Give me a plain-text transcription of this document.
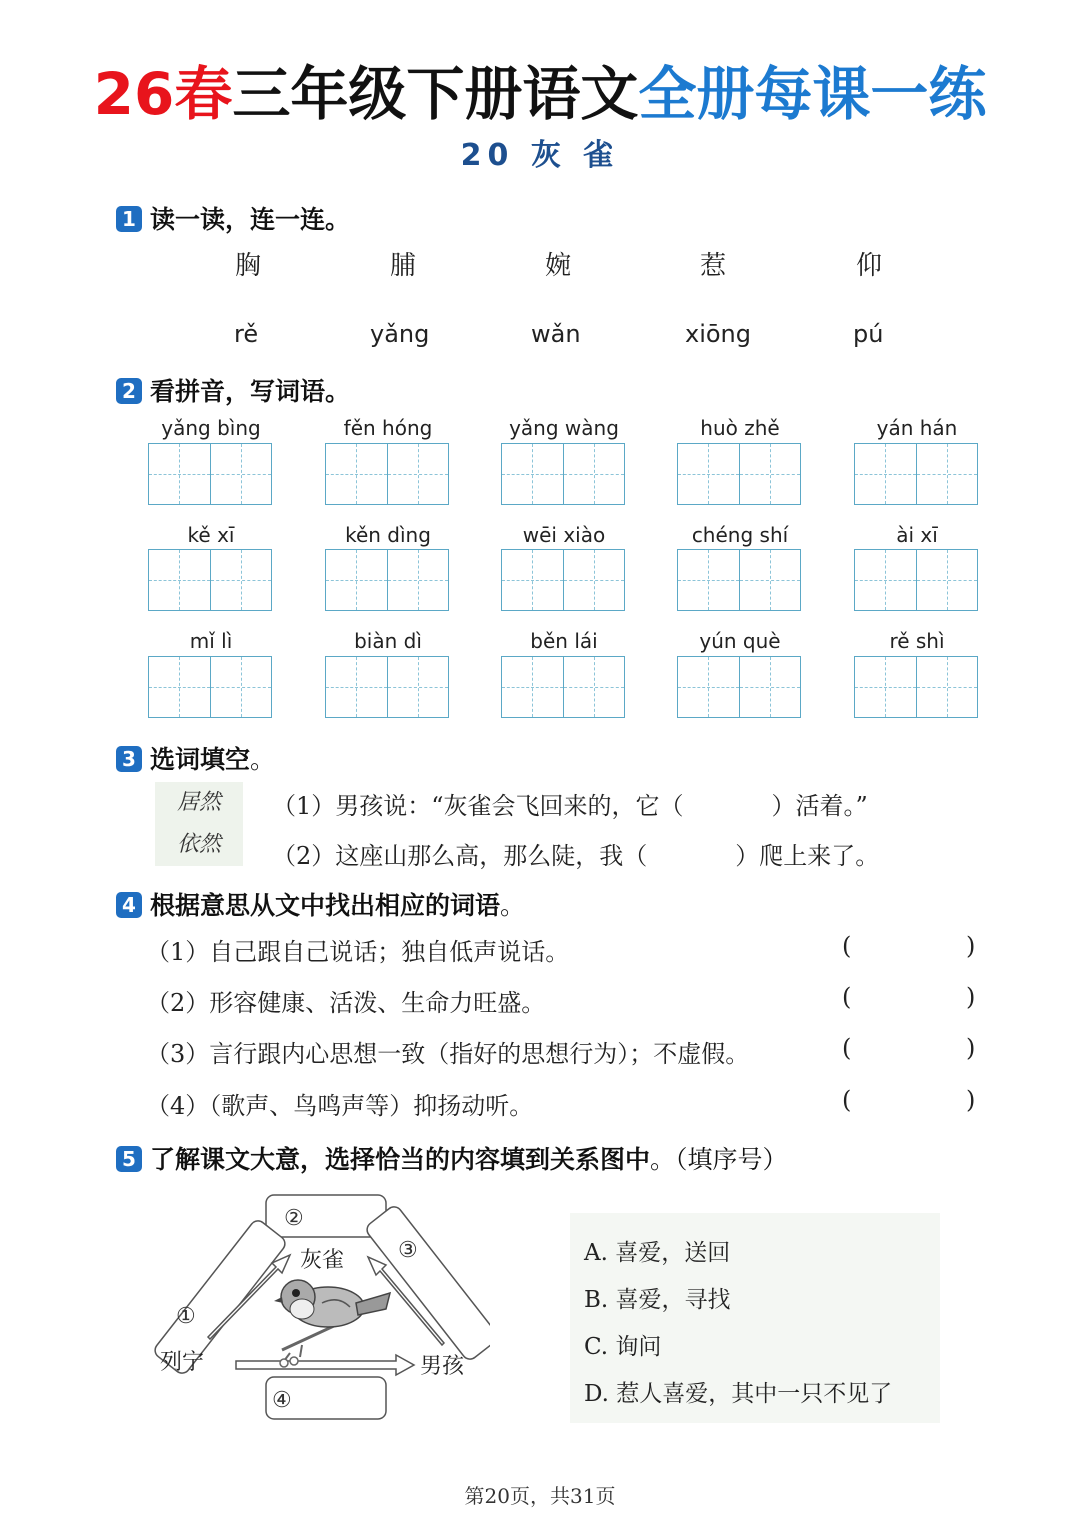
26春三年级下册语文全册每课一练
20 灰 雀
1 读一读，连一连。
胸	脯	婉	惹	仰
rě	yǎng	wǎn	xiōng	pú
2 看拼音，写词语。
yǎng bìng	fěn hóng	yǎng wàng	huò zhě	yán hán
kě xī	kěn dìng	wēi xiào	chéng shí	ài xī
mǐ lì	biàn dì	běn lái	yún què	rě shì
3 选词填空。
居然
依然
（1）男孩说：“灰雀会飞回来的，它（	）活着。”
（2）这座山那么高，那么陡，我（	）爬上来了。
4 根据意思从文中找出相应的词语。
（1）自己跟自己说话；独自低声说话。	(	)
（2）形容健康、活泼、生命力旺盛。	(	)
（3）言行跟内心思想一致（指好的思想行为）；不虚假。	(	)
（4）（歌声、鸟鸣声等）抑扬动听。	(	)
5 了解课文大意，选择恰当的内容填到关系图中。（填序号）
②
④
①
③
灰雀
列宁	男孩
A. 喜爱，送回
B. 喜爱，寻找
C. 询问
D. 惹人喜爱，其中一只不见了
第20页，共31页
